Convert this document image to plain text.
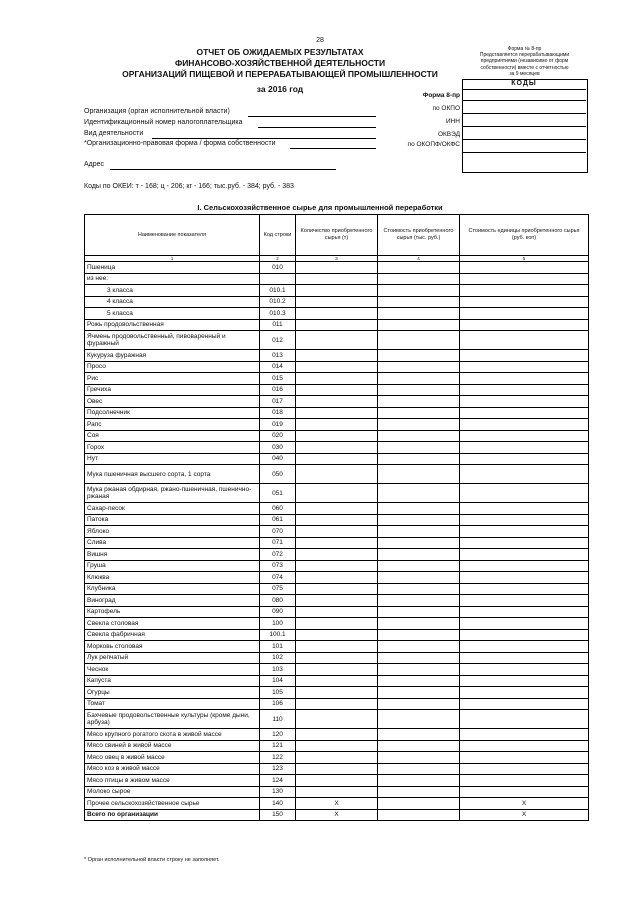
28
ОТЧЕТ ОБ ОЖИДАЕМЫХ РЕЗУЛЬТАТАХ
ФИНАНСОВО-ХОЗЯЙСТВЕННОЙ ДЕЯТЕЛЬНОСТИ
ОРГАНИЗАЦИЙ ПИЩЕВОЙ И ПЕРЕРАБАТЫВАЮЩЕЙ ПРОМЫШЛЕННОСТИ
за 2016 год
Форма № 8-пр
Представляется перерабатывающими
предприятиями (независимо от форм
собственности) вместе с отчетностью
за 9 месяцев
КОДЫ
Форма 8-пр
по ОКПО
ИНН
ОКВЭД
по ОКОПФ/ОКФС
Организация (орган исполнительной власти)
Идентификационный номер налогоплательщика
Вид деятельности
*Организационно-правовая форма / форма собственности
Адрес
Коды по ОКЕИ: т - 168; ц - 206; кг - 166; тыс.руб. - 384; руб. - 383
I. Сельскохозяйственное сырье для промышленной переработки
Наименование показателя	Код строки	Количество приобретенного сырья (т)	Стоимость приобретенного сырья (тыс. руб.)	Стоимость единицы приобретенного сырья (руб. коп)
1	2	3	4	5
Пшеница	010			
из нее:				
3 класса	010.1			
4 класса	010.2			
5 класса	010.3			
Рожь продовольственная	011			
Ячмень продовольственный, пивоваренный и фуражный	012			
Кукуруза фуражная	013			
Просо	014			
Рис	015			
Гречиха	016			
Овес	017			
Подсолнечник	018			
Рапс	019			
Соя	020			
Горох	030			
Нут	040			
Мука пшеничная высшего сорта, 1 сорта	050			
Мука ржаная обдирная, ржано-пшеничная, пшенично-ржаная	051			
Сахар-песок	060			
Патока	061			
Яблоко	070			
Слива	071			
Вишня	072			
Груша	073			
Клюква	074			
Клубника	075			
Виноград	080			
Картофель	090			
Свекла столовая	100			
Свекла фабричная	100.1			
Морковь столовая	101			
Лук репчатый	102			
Чеснок	103			
Капуста	104			
Огурцы	105			
Томат	106			
Бахчевые продовольственные культуры (кроме дыни, арбуза)	110			
Мясо крупного рогатого скота в живой массе	120			
Мясо свиней в живой массе	121			
Мясо овец в живой массе	122			
Мясо коз в живой массе	123			
Мясо птицы в живом массе	124			
Молоко сырое	130			
Прочее сельскохозяйственное сырье	140	Х		Х
Всего по организации	150	Х		Х
* Орган исполнительной власти строку не заполняет.
